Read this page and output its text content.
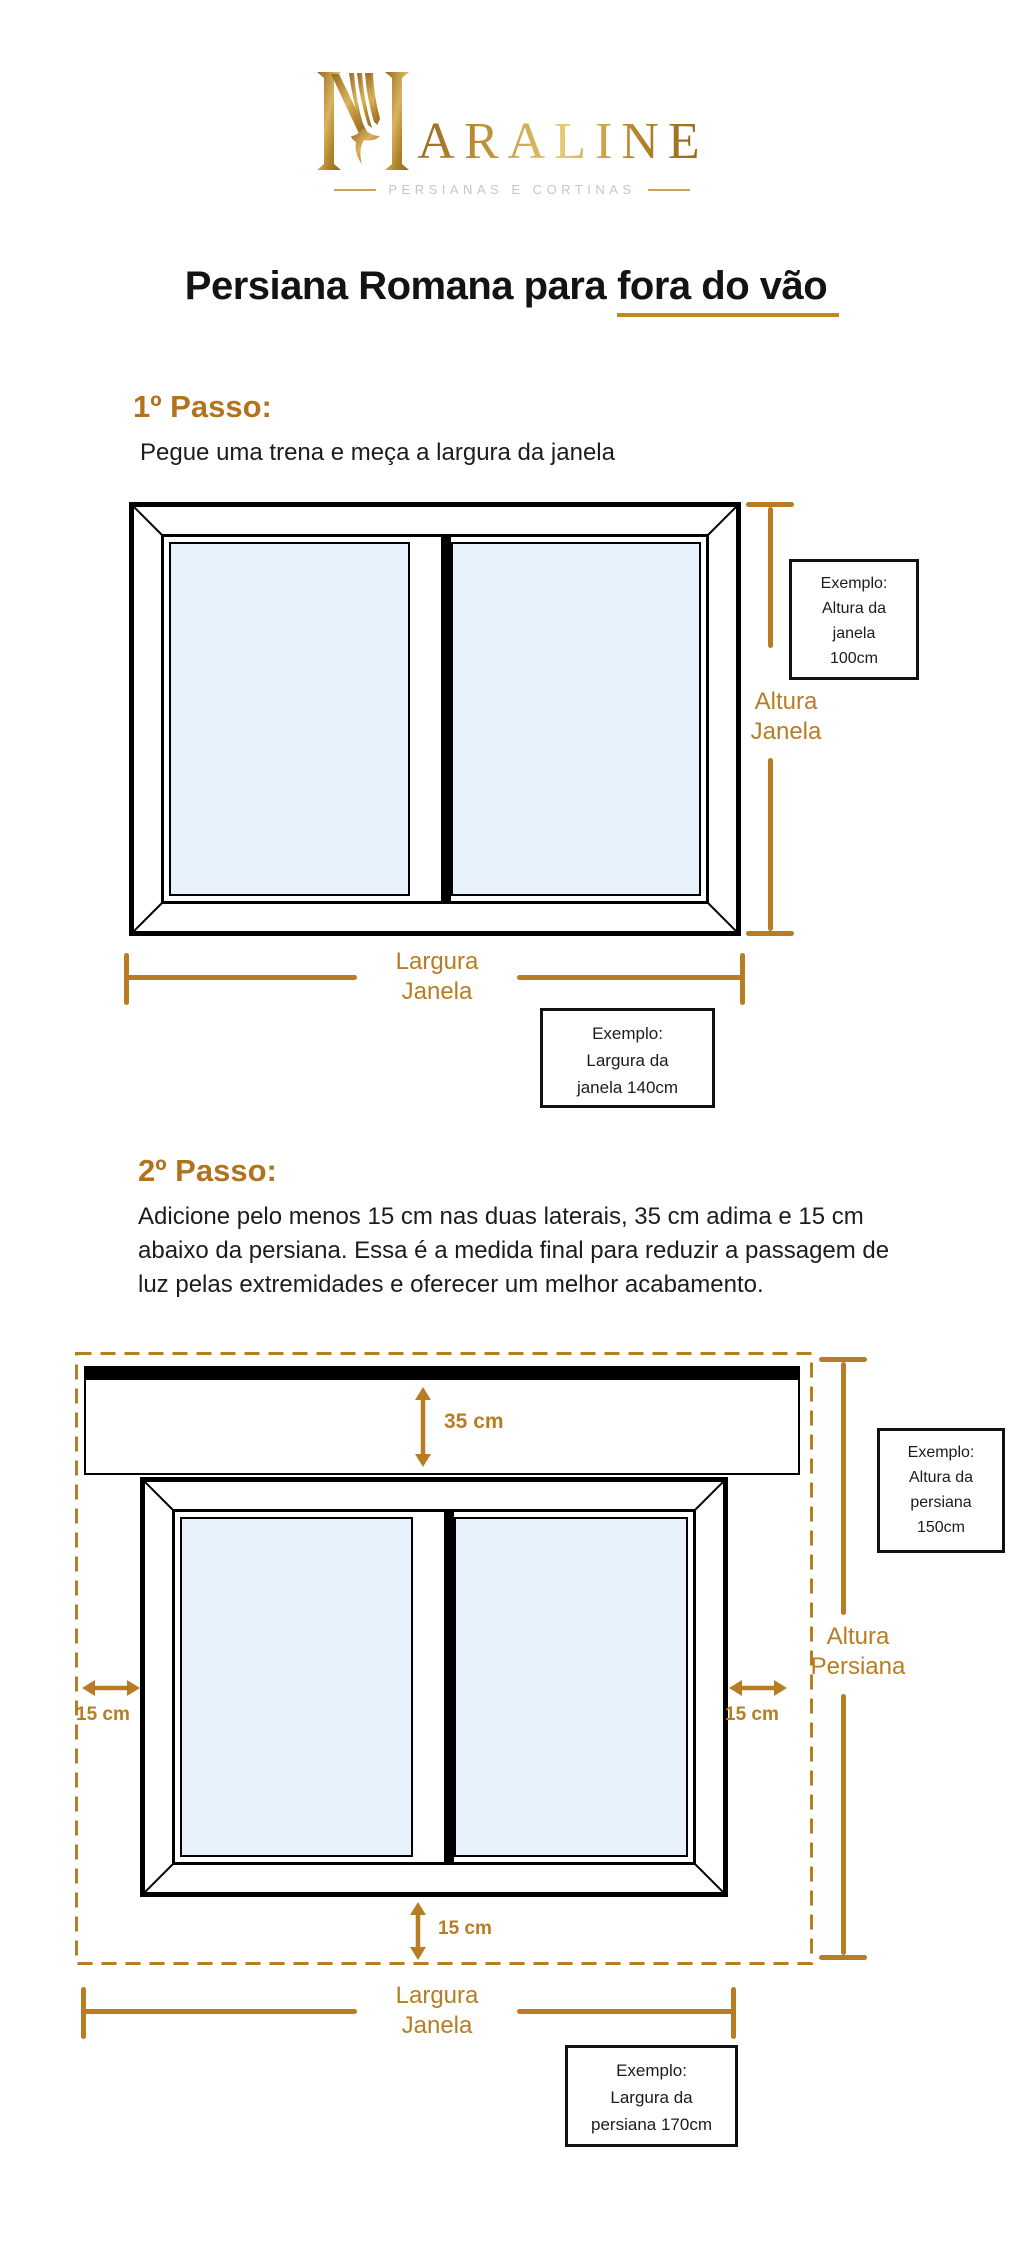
ARALINE
PERSIANAS E CORTINAS
Persiana Romana para fora do vão
1º Passo:
Pegue uma trena e meça a largura da janela
Altura
Janela
Exemplo:
Altura da
janela
100cm
Largura
Janela
Exemplo:
Largura da
janela 140cm
2º Passo:
Adicione pelo menos 15 cm nas duas laterais, 35 cm adima e 15 cm abaixo da persiana. Essa é a medida final para reduzir a passagem de luz pelas extremidades e oferecer um melhor acabamento.
35 cm
15 cm	15 cm
15 cm
Altura
Persiana
Exemplo:
Altura da
persiana
150cm
Largura
Janela
Exemplo:
Largura da
persiana 170cm
